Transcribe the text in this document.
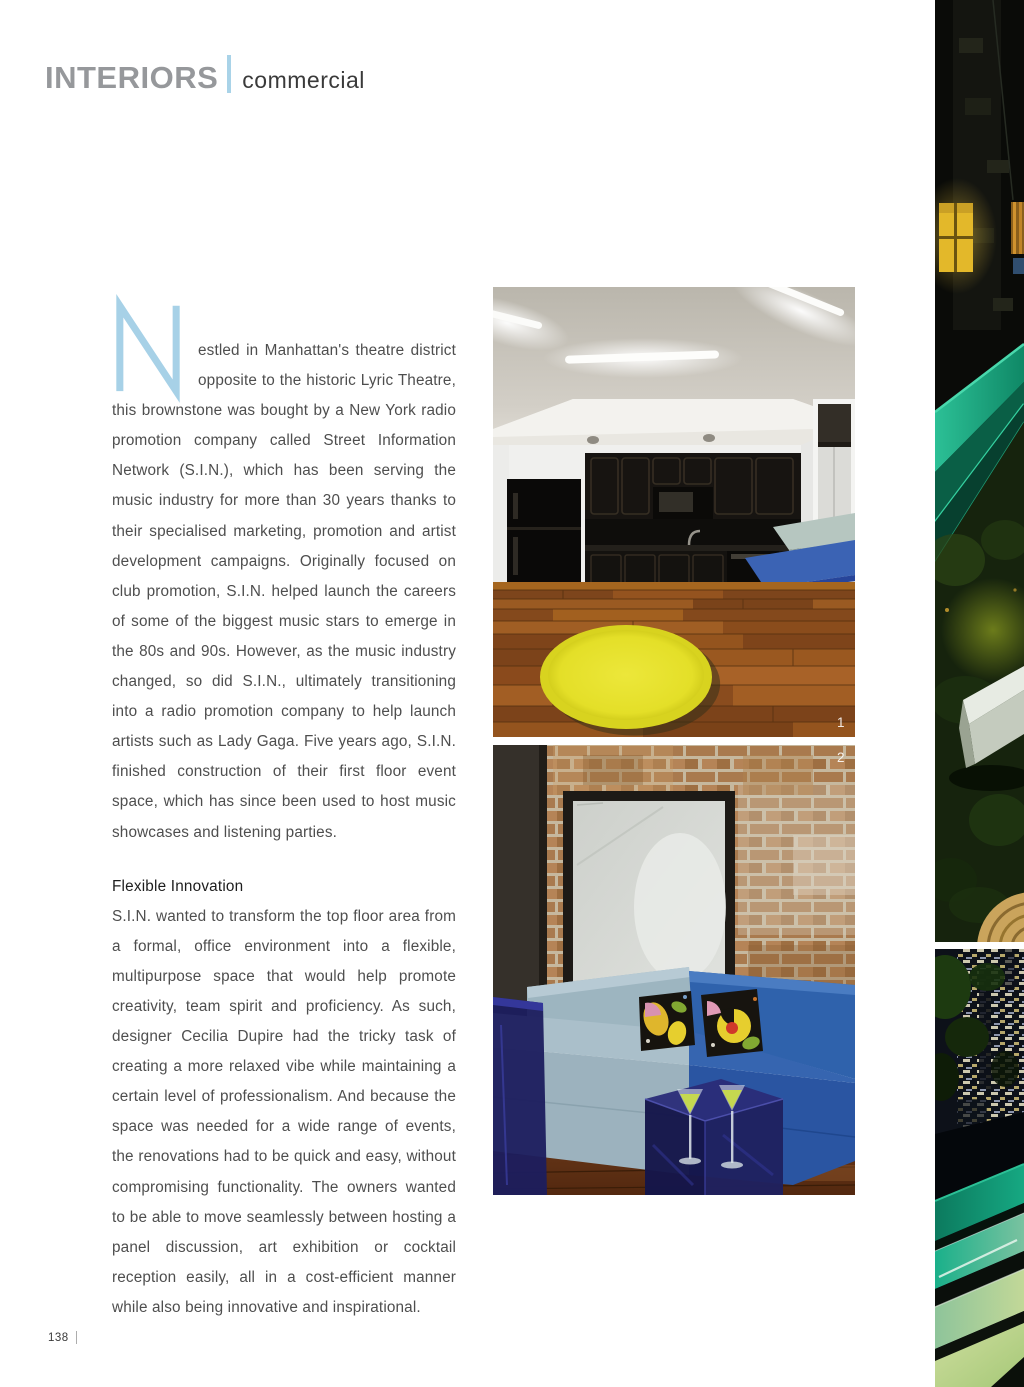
INTERIORS commercial

estled in Manhattan's theatre district opposite to the historic Lyric Theatre, this brownstone was bought by a New York radio promotion company called Street Information Network (S.I.N.), which has been serving the music industry for more than 30 years thanks to their specialised marketing, promotion and artist development campaigns. Originally focused on club promotion, S.I.N. helped launch the careers of some of the biggest music stars to emerge in the 80s and 90s. However, as the music industry changed, so did S.I.N., ultimately transitioning into a radio promotion company to help launch artists such as Lady Gaga. Five years ago, S.I.N. finished construction of their first floor event space, which has since been used to host music showcases and listening parties.

Flexible Innovation

S.I.N. wanted to transform the top floor area from a formal, office environment into a flexible, multipurpose space that would help promote creativity, team spirit and proficiency. As such, designer Cecilia Dupire had the tricky task of creating a more relaxed vibe while maintaining a certain level of professionalism. And because the space was needed for a wide range of events, the renovations had to be quick and easy, without compromising functionality. The owners wanted to be able to move seamlessly between hosting a panel discussion, art exhibition or cocktail reception easily, all in a cost-efficient manner while also being innovative and inspirational.

1
2
138
